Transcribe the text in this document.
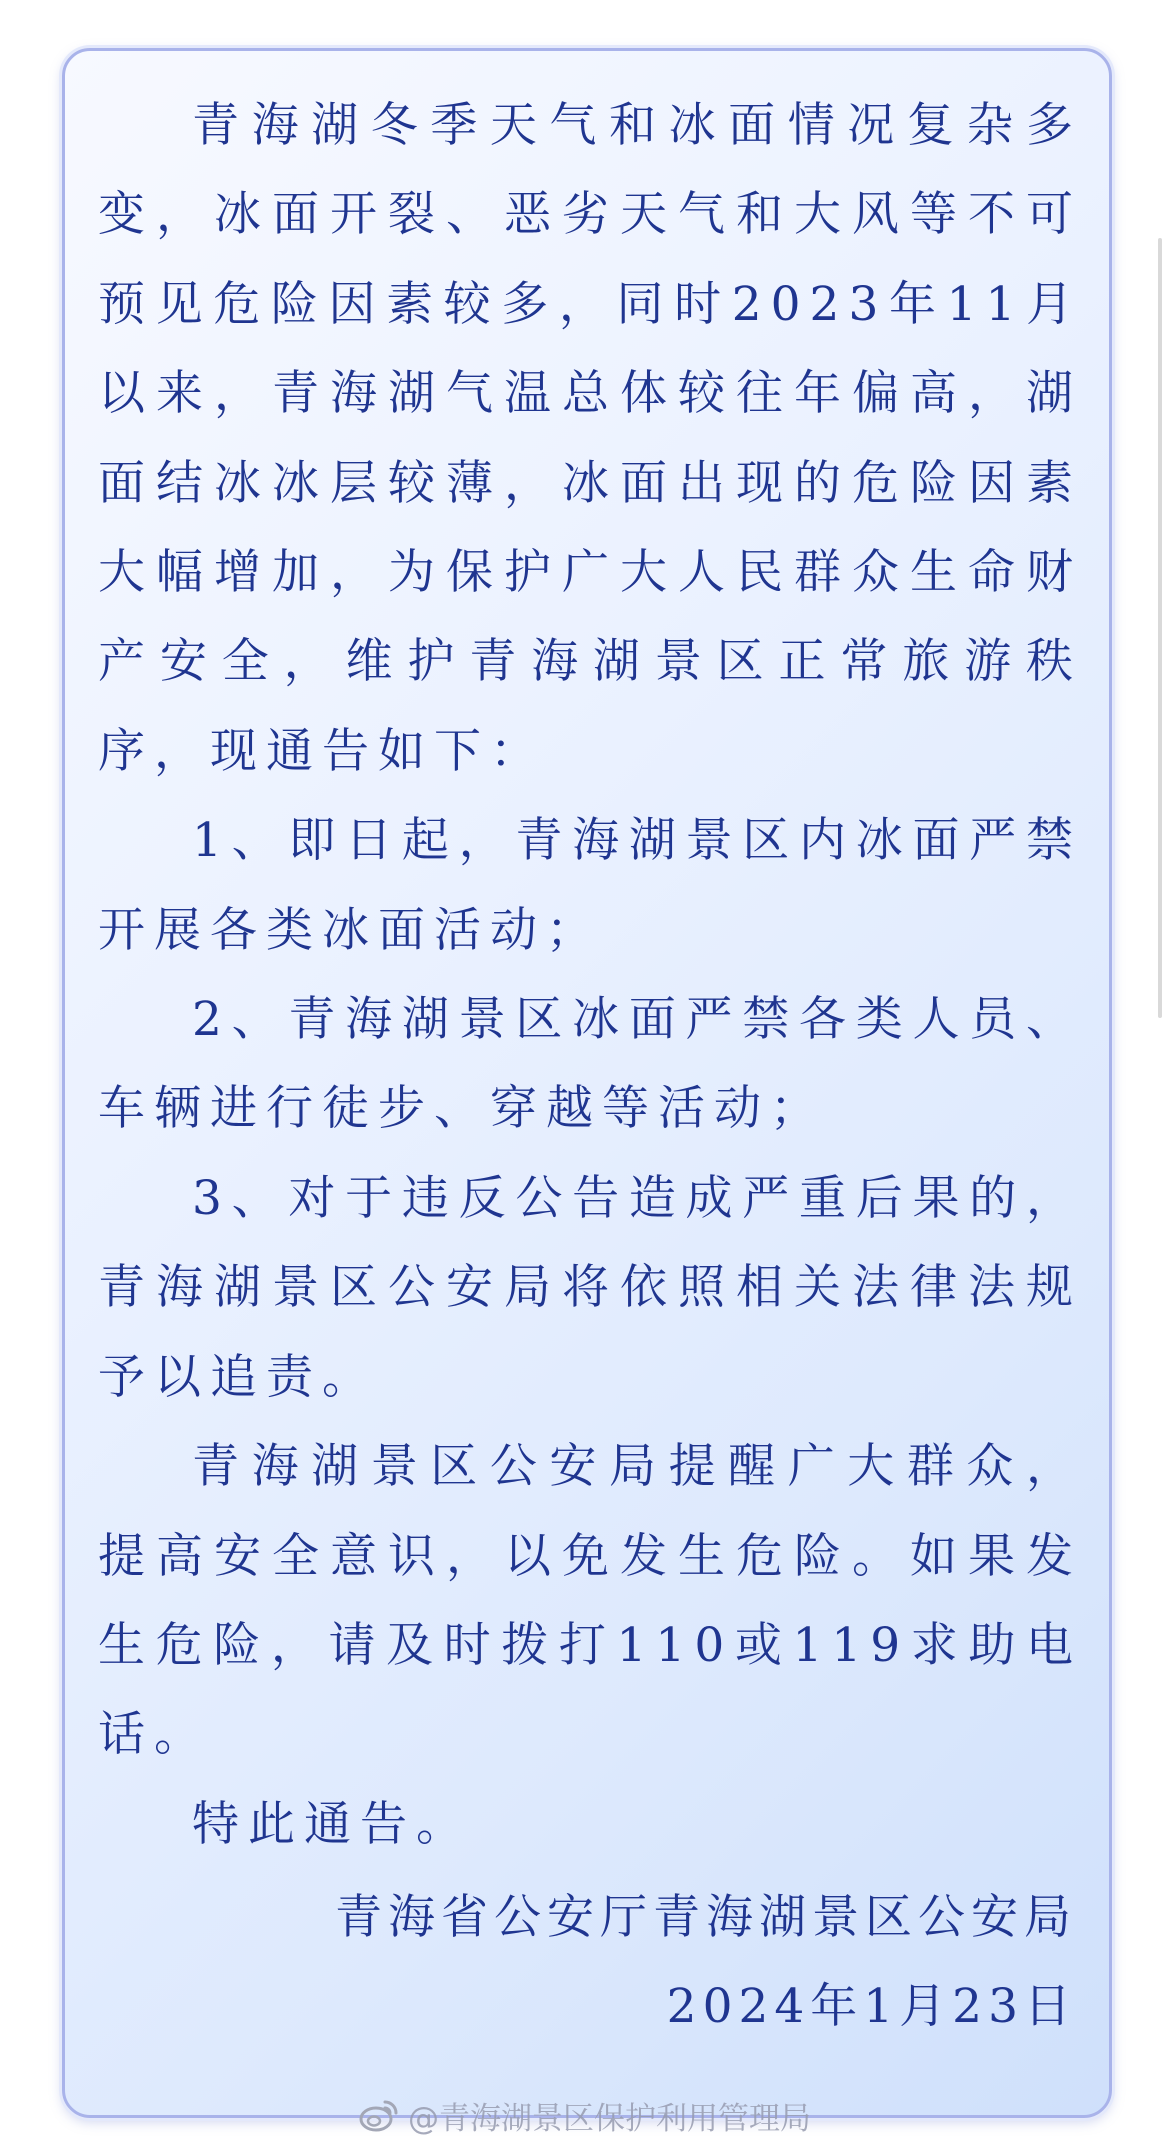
青海湖冬季天气和冰面情况复杂多变，冰面开裂、恶劣天气和大风等不可预见危险因素较多，同时2023年11月以来，青海湖气温总体较往年偏高，湖面结冰冰层较薄，冰面出现的危险因素大幅增加，为保护广大人民群众生命财产安全，维护青海湖景区正常旅游秩序，现通告如下：

1、即日起，青海湖景区内冰面严禁开展各类冰面活动；

2、青海湖景区冰面严禁各类人员、车辆进行徒步、穿越等活动；

3、对于违反公告造成严重后果的，青海湖景区公安局将依照相关法律法规予以追责。

青海湖景区公安局提醒广大群众，提高安全意识，以免发生危险。如果发生危险，请及时拨打110或119求助电话。

特此通告。

青海省公安厅青海湖景区公安局
2024年1月23日
@青海湖景区保护利用管理局
